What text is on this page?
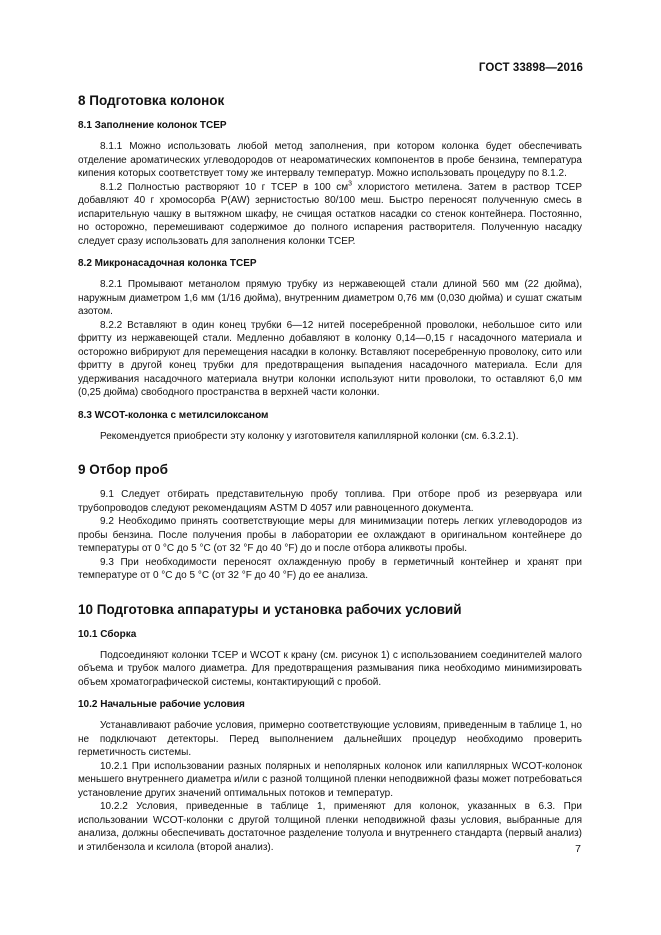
ГОСТ 33898—2016
8 Подготовка колонок
8.1 Заполнение колонок ТСЕР

8.1.1 Можно использовать любой метод заполнения, при котором колонка будет обеспечивать отделение ароматических углеводородов от неароматических компонентов в пробе бензина, температура кипения которых соответствует тому же интервалу температур. Можно использовать процедуру по 8.1.2.

8.1.2 Полностью растворяют 10 г ТСЕР в 100 $см^3$ хлористого метилена. Затем в раствор ТСЕР добавляют 40 г хромосорба P(AW) зернистостью 80/100 меш. Быстро переносят полученную смесь в испарительную чашку в вытяжном шкафу, не счищая остатков насадки со стенок контейнера. Постоянно, но осторожно, перемешивают содержимое до полного испарения растворителя. Полученную насадку следует сразу использовать для заполнения колонки ТСЕР.

8.2 Микронасадочная колонка ТСЕР

8.2.1 Промывают метанолом прямую трубку из нержавеющей стали длиной 560 мм (22 дюйма), наружным диаметром 1,6 мм (1/16 дюйма), внутренним диаметром 0,76 мм (0,030 дюйма) и сушат сжатым азотом.

8.2.2 Вставляют в один конец трубки 6—12 нитей посеребренной проволоки, небольшое сито или фритту из нержавеющей стали. Медленно добавляют в колонку 0,14—0,15 г насадочного материала и осторожно вибрируют для перемещения насадки в колонку. Вставляют посеребренную проволоку, сито или фритту в другой конец трубки для предотвращения выпадения насадочного материала. Если для удерживания насадочного материала внутри колонки используют нити проволоки, то оставляют 6,0 мм (0,25 дюйма) свободного пространства в верхней части колонки.

8.3 WCOT-колонка с метилсилоксаном

Рекомендуется приобрести эту колонку у изготовителя капиллярной колонки (см. 6.3.2.1).

9 Отбор проб

9.1 Следует отбирать представительную пробу топлива. При отборе проб из резервуара или трубопроводов следуют рекомендациям ASTM D 4057 или равноценного документа.

9.2 Необходимо принять соответствующие меры для минимизации потерь легких углеводородов из пробы бензина. После получения пробы в лаборатории ее охлаждают в оригинальном контейнере до температуры от 0 °С до 5 °С (от 32 °F до 40 °F) до и после отбора аликвоты пробы.

9.3 При необходимости переносят охлажденную пробу в герметичный контейнер и хранят при температуре от 0 °С до 5 °С (от 32 °F до 40 °F) до ее анализа.

10 Подготовка аппаратуры и установка рабочих условий
10.1 Сборка

Подсоединяют колонки ТСЕР и WCOT к крану (см. рисунок 1) с использованием соединителей малого объема и трубок малого диаметра. Для предотвращения размывания пика необходимо минимизировать объем хроматографической системы, контактирующий с пробой.

10.2 Начальные рабочие условия

Устанавливают рабочие условия, примерно соответствующие условиям, приведенным в таблице 1, но не подключают детекторы. Перед выполнением дальнейших процедур необходимо проверить герметичность системы.

10.2.1 При использовании разных полярных и неполярных колонок или капиллярных WCOT-колонок меньшего внутреннего диаметра и/или с разной толщиной пленки неподвижной фазы может потребоваться установление других значений оптимальных потоков и температур.

10.2.2 Условия, приведенные в таблице 1, применяют для колонок, указанных в 6.3. При использовании WCOT-колонки с другой толщиной пленки неподвижной фазы условия, выбранные для анализа, должны обеспечивать достаточное разделение толуола и внутреннего стандарта (первый анализ) и этилбензола и ксилола (второй анализ).	7
